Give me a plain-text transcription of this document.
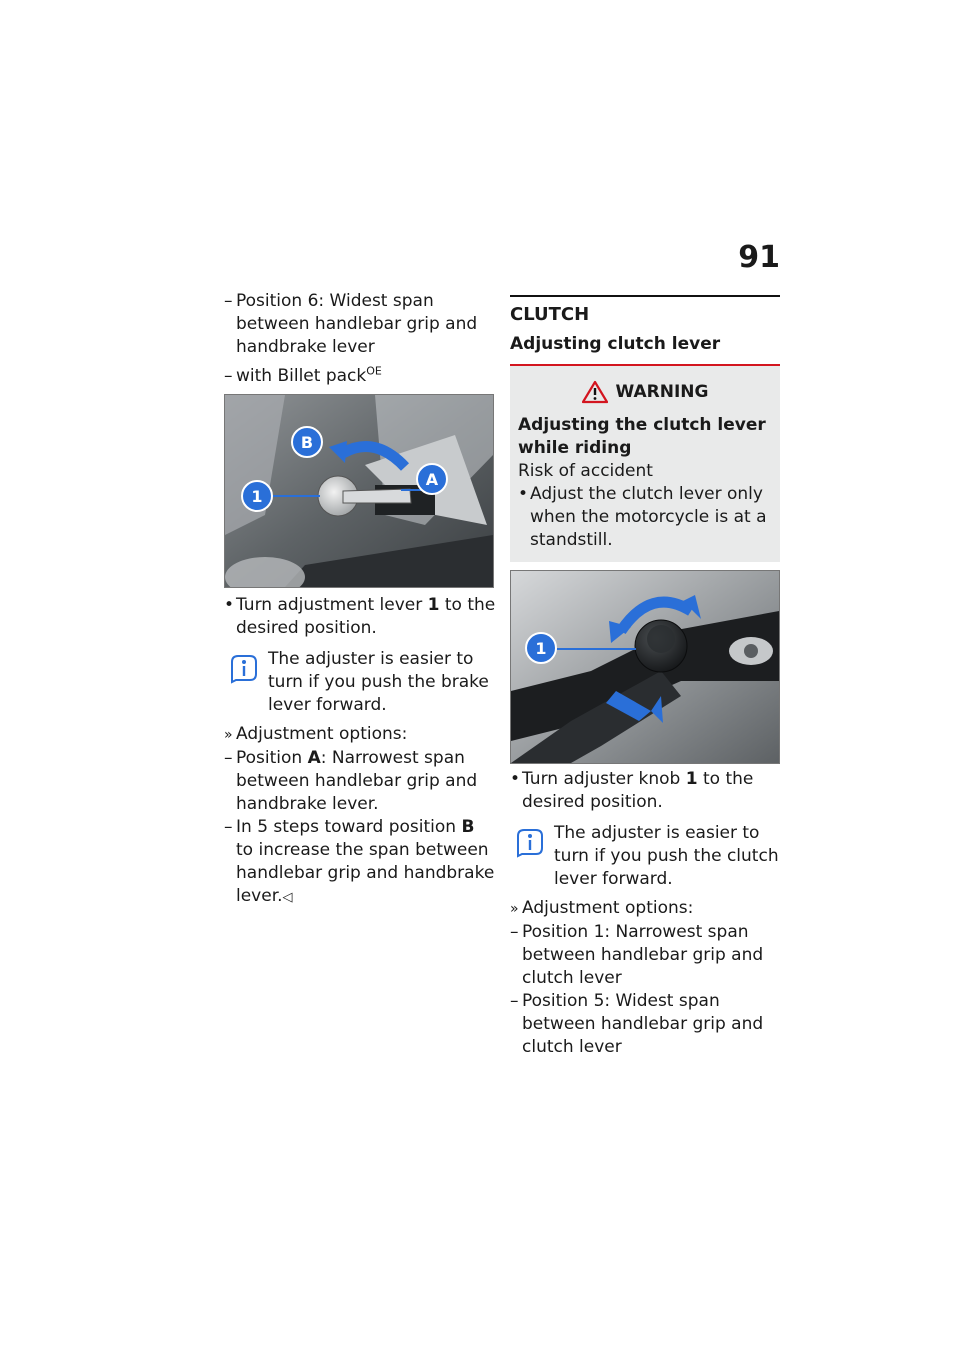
91

– Position 6: Widest span between handlebar grip and handbrake lever

– with Billet pack$^{OE}$

B
1
A

• Turn adjustment lever 1 to the desired position.

The adjuster is easier to turn if you push the brake lever forward.

» Adjustment options:

– Position A: Narrowest span between handlebar grip and handbrake lever.

– In 5 steps toward position B to increase the span between handlebar grip and handbrake lever.◁

CLUTCH
Adjusting clutch lever
WARNING

Adjusting the clutch lever while riding

Risk of accident

• Adjust the clutch lever only when the motorcycle is at a standstill.

1

• Turn adjuster knob 1 to the desired position.

The adjuster is easier to turn if you push the clutch lever forward.

» Adjustment options:

– Position 1: Narrowest span between handlebar grip and clutch lever

– Position 5: Widest span between handlebar grip and clutch lever
